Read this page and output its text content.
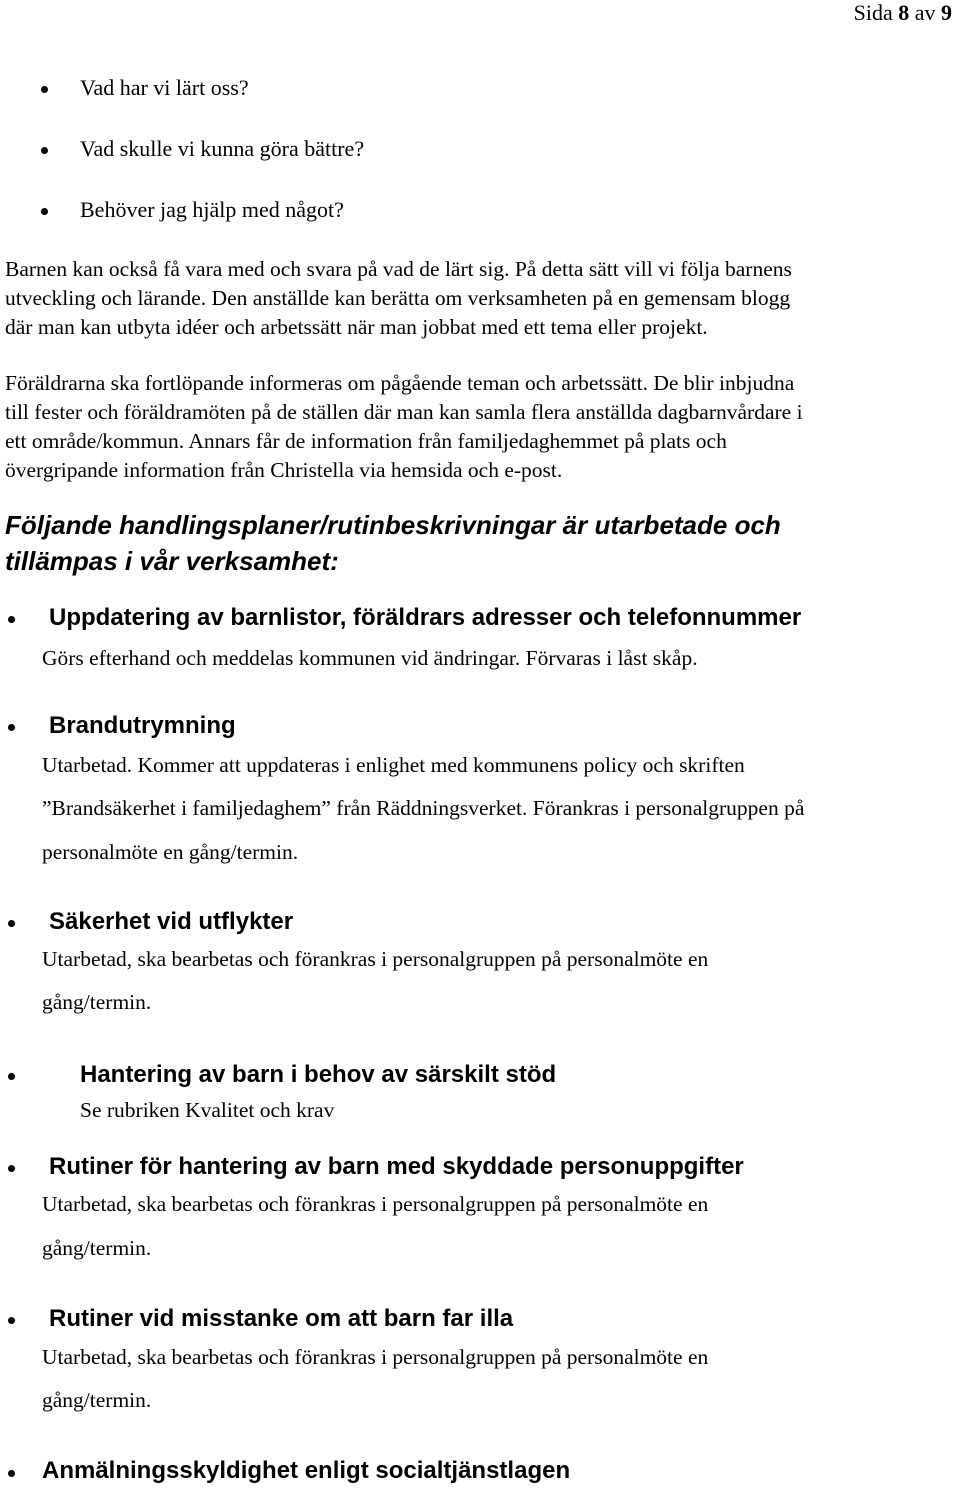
Sida 8 av 9
Vad har vi lärt oss?
Vad skulle vi kunna göra bättre?
Behöver jag hjälp med något?
Barnen kan också få vara med och svara på vad de lärt sig. På detta sätt vill vi följa barnens
utveckling och lärande. Den anställde kan berätta om verksamheten på en gemensam blogg
där man kan utbyta idéer och arbetssätt när man jobbat med ett tema eller projekt.
Föräldrarna ska fortlöpande informeras om pågående teman och arbetssätt. De blir inbjudna
till fester och föräldramöten på de ställen där man kan samla flera anställda dagbarnvårdare i
ett område/kommun. Annars får de information från familjedaghemmet på plats och
övergripande information från Christella via hemsida och e-post.
Följande handlingsplaner/rutinbeskrivningar är utarbetade och
tillämpas i vår verksamhet:
Uppdatering av barnlistor, föräldrars adresser och telefonnummer
Görs efterhand och meddelas kommunen vid ändringar. Förvaras i låst skåp.
Brandutrymning
Utarbetad. Kommer att uppdateras i enlighet med kommunens policy och skriften
”Brandsäkerhet i familjedaghem” från Räddningsverket. Förankras i personalgruppen på
personalmöte en gång/termin.
Säkerhet vid utflykter
Utarbetad, ska bearbetas och förankras i personalgruppen på personalmöte en
gång/termin.
Hantering av barn i behov av särskilt stöd
Se rubriken Kvalitet och krav
Rutiner för hantering av barn med skyddade personuppgifter
Utarbetad, ska bearbetas och förankras i personalgruppen på personalmöte en
gång/termin.
Rutiner vid misstanke om att barn far illa
Utarbetad, ska bearbetas och förankras i personalgruppen på personalmöte en
gång/termin.
Anmälningsskyldighet enligt socialtjänstlagen
